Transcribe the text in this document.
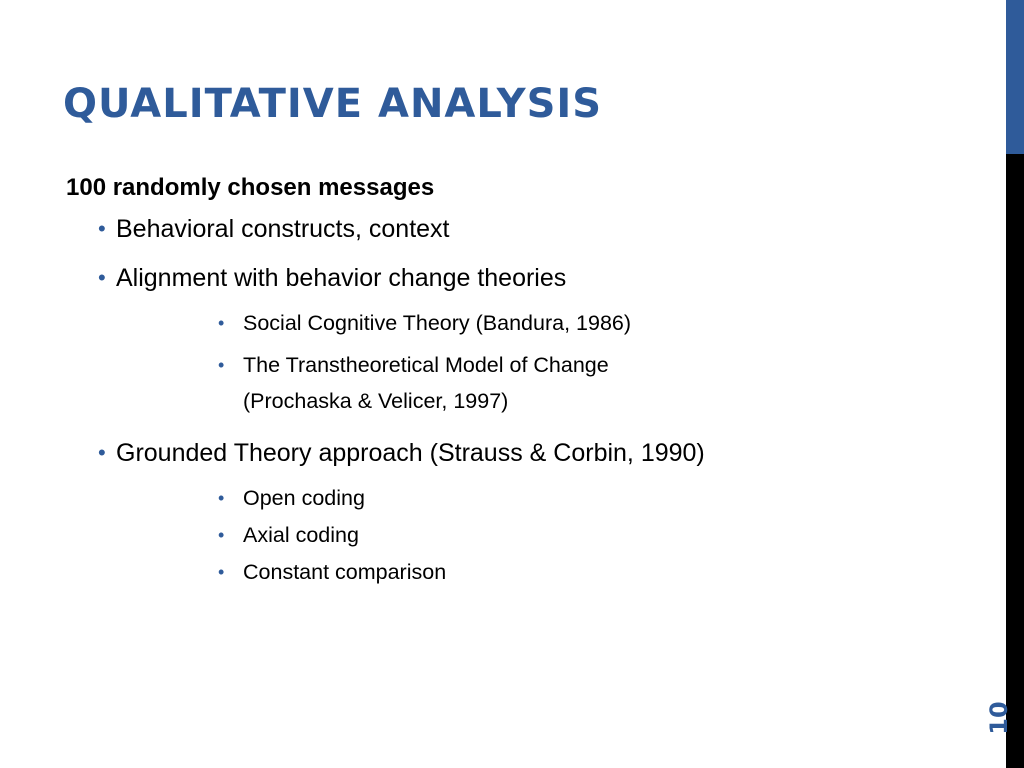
QUALITATIVE ANALYSIS
100 randomly chosen messages
• Behavioral constructs, context
• Alignment with behavior change theories
• Social Cognitive Theory (Bandura, 1986)
• The Transtheoretical Model of Change
(Prochaska & Velicer, 1997)
• Grounded Theory approach (Strauss & Corbin, 1990)
• Open coding
• Axial coding
• Constant comparison
10
